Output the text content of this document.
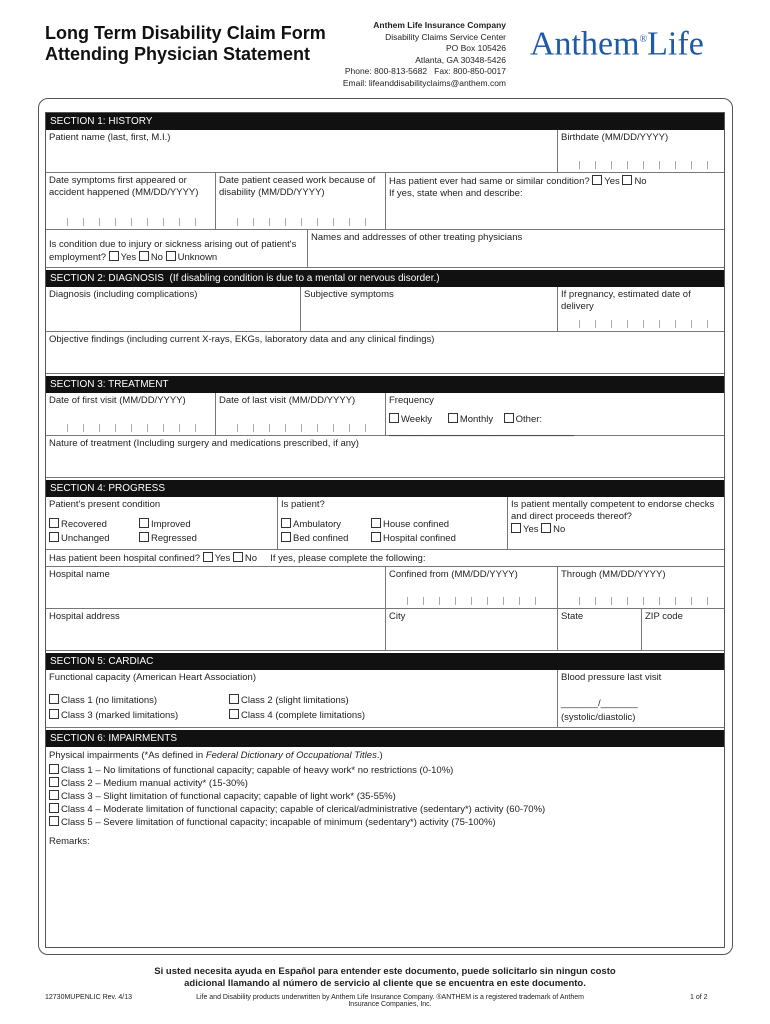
Long Term Disability Claim Form
Attending Physician Statement
Anthem Life Insurance Company
Disability Claims Service Center
PO Box 105426
Atlanta, GA 30348-5426
Phone: 800-813-5682 Fax: 800-850-0017
Email: lifeanddisabilityclaims@anthem.com
Anthem®Life
SECTION 1: HISTORY
Patient name (last, first, M.I.)	Birthdate (MM/DD/YYYY)
Date symptoms first appeared or accident happened (MM/DD/YYYY)
Date patient ceased work because of disability (MM/DD/YYYY)
Has patient ever had same or similar condition? Yes No
If yes, state when and describe:
Is condition due to injury or sickness arising out of patient's employment? Yes No Unknown
Names and addresses of other treating physicians
SECTION 2: DIAGNOSIS (If disabling condition is due to a mental or nervous disorder.)
Diagnosis (including complications)	Subjective symptoms	If pregnancy, estimated date of delivery
Objective findings (including current X-rays, EKGs, laboratory data and any clinical findings)
SECTION 3: TREATMENT
Date of first visit (MM/DD/YYYY)	Date of last visit (MM/DD/YYYY)	Frequency
Weekly	Monthly Other: ___________________________________
Nature of treatment (Including surgery and medications prescribed, if any)
SECTION 4: PROGRESS
Patient's present condition
Recovered	Improved
Unchanged	Regressed
Is patient?
Ambulatory	House confined
Bed confined	Hospital confined
Is patient mentally competent to endorse checks and direct proceeds thereof?
Yes No
Has patient been hospital confined? Yes No If yes, please complete the following:
Hospital name	Confined from (MM/DD/YYYY)	Through (MM/DD/YYYY)
Hospital address	City	State	ZIP code
SECTION 5: CARDIAC
Functional capacity (American Heart Association)
Class 1 (no limitations)	Class 2 (slight limitations)
Class 3 (marked limitations)	Class 4 (complete limitations)
Blood pressure last visit
_______/_______
(systolic/diastolic)
SECTION 6: IMPAIRMENTS
Physical impairments (*As defined in Federal Dictionary of Occupational Titles.)
Class 1 – No limitations of functional capacity; capable of heavy work* no restrictions (0-10%)
Class 2 – Medium manual activity* (15-30%)
Class 3 – Slight limitation of functional capacity; capable of light work* (35-55%)
Class 4 – Moderate limitation of functional capacity; capable of clerical/administrative (sedentary*) activity (60-70%)
Class 5 – Severe limitation of functional capacity; incapable of minimum (sedentary*) activity (75-100%)
Remarks:
Si usted necesita ayuda en Español para entender este documento, puede solicitarlo sin ningun costo
adicional llamando al número de servicio al cliente que se encuentra en este documento.
12730MUPENLIC Rev. 4/13	Life and Disability products underwritten by Anthem Life Insurance Company. ®ANTHEM is a registered trademark of Anthem Insurance Companies, Inc.
1 of 2
